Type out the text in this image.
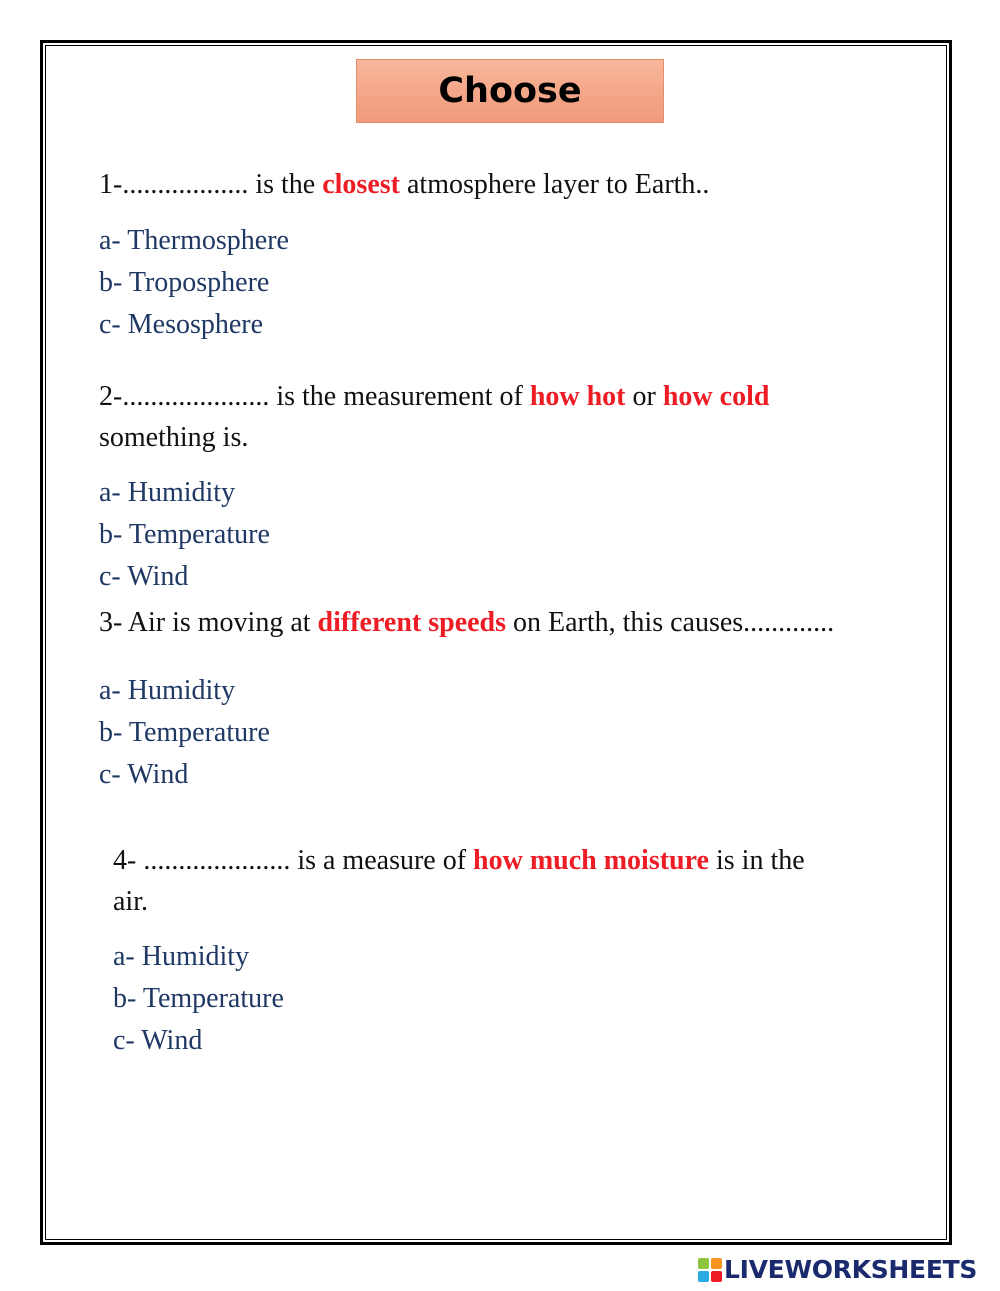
Choose

1-.................. is the closest atmosphere layer to Earth..

a- Thermosphere

b- Troposphere

c- Mesosphere

2-..................... is the measurement of how hot or how cold

something is.

a- Humidity

b- Temperature

c- Wind

3- Air is moving at different speeds on Earth, this causes.............

a- Humidity

b- Temperature

c- Wind

4- ..................... is a measure of how much moisture is in the

air.

a- Humidity

b- Temperature

c- Wind

LIVEWORKSHEETS
